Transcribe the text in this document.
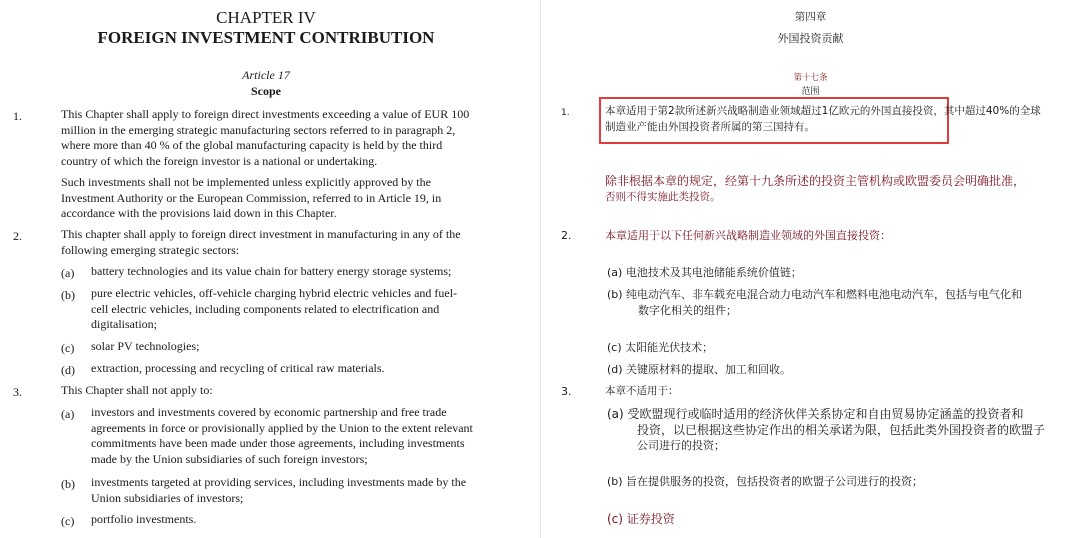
CHAPTER IV
FOREIGN INVESTMENT CONTRIBUTION
Article 17
Scope
1.	This Chapter shall apply to foreign direct investments exceeding a value of EUR 100
million in the emerging strategic manufacturing sectors referred to in paragraph 2,
where more than 40 % of the global manufacturing capacity is held by the third
country of which the foreign investor is a national or undertaking.
Such investments shall not be implemented unless explicitly approved by the
Investment Authority or the European Commission, referred to in Article 19, in
accordance with the provisions laid down in this Chapter.
2.	This chapter shall apply to foreign direct investment in manufacturing in any of the
following emerging strategic sectors:
(a) battery technologies and its value chain for battery energy storage systems;
(b) pure electric vehicles, off-vehicle charging hybrid electric vehicles and fuel-
cell electric vehicles, including components related to electrification and
digitalisation;
(c) solar PV technologies;
(d) extraction, processing and recycling of critical raw materials.
3.	This Chapter shall not apply to:
(a) investors and investments covered by economic partnership and free trade
agreements in force or provisionally applied by the Union to the extent relevant
commitments have been made under those agreements, including investments
made by the Union subsidiaries of such foreign investors;
(b) investments targeted at providing services, including investments made by the
Union subsidiaries of investors;
(c) portfolio investments.
第四章
外国投资贡献
第十七条
范围
1.	本章适用于第2款所述新兴战略制造业领域超过1亿欧元的外国直接投资，其中超过40%的全球
制造业产能由外国投资者所属的第三国持有。
除非根据本章的规定，经第十九条所述的投资主管机构或欧盟委员会明确批准，
否则不得实施此类投资。
2.	本章适用于以下任何新兴战略制造业领域的外国直接投资：
(a) 电池技术及其电池储能系统价值链；
(b) 纯电动汽车、非车载充电混合动力电动汽车和燃料电池电动汽车，包括与电气化和
数字化相关的组件；
(c) 太阳能光伏技术；
(d) 关键原材料的提取、加工和回收。
3.	本章不适用于：
(a) 受欧盟现行或临时适用的经济伙伴关系协定和自由贸易协定涵盖的投资者和
投资，以已根据这些协定作出的相关承诺为限，包括此类外国投资者的欧盟子
公司进行的投资；
(b) 旨在提供服务的投资，包括投资者的欧盟子公司进行的投资；
(c) 证券投资
